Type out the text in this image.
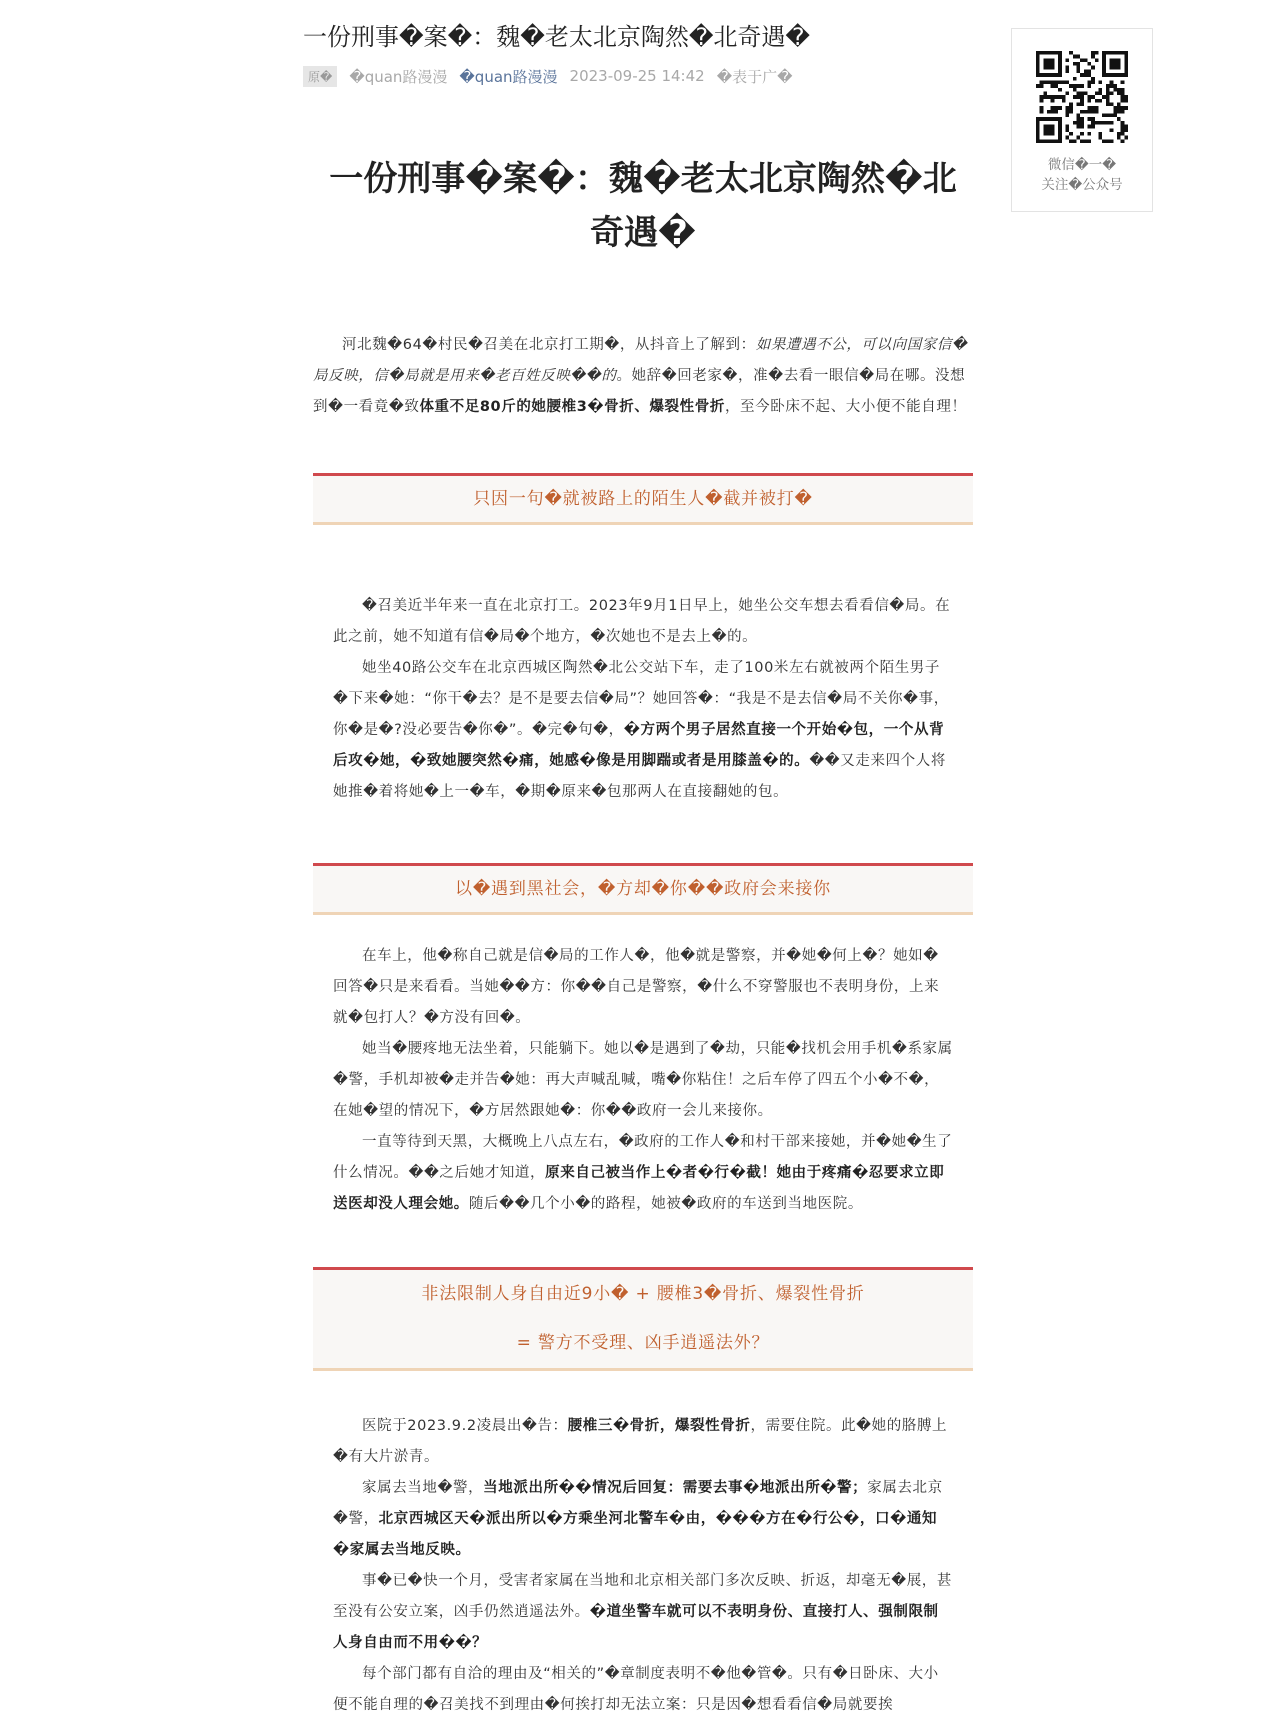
一份刑事�案�：魏�老太北京陶然�北奇遇�
原�	�quan路漫漫 �quan路漫漫 2023-09-25 14:42 �表于广�
一份刑事�案�：魏�老太北京陶然�北奇遇�

河北魏�64�村民�召美在北京打工期�，从抖音上了解到：如果遭遇不公，可以向国家信�局反映，信�局就是用来�老百姓反映��的。她辞�回老家�，准�去看一眼信�局在哪。没想到�一看竟�致体重不足80斤的她腰椎3�骨折、爆裂性骨折，至今卧床不起、大小便不能自理！

只因一句�就被路上的陌生人�截并被打�

�召美近半年来一直在北京打工。2023年9月1日早上，她坐公交车想去看看信�局。在此之前，她不知道有信�局�个地方，�次她也不是去上�的。

她坐40路公交车在北京西城区陶然�北公交站下车，走了100米左右就被两个陌生男子�下来�她：“你干�去？是不是要去信�局”？她回答�：“我是不是去信�局不关你�事，你�是�?没必要告�你�”。�完�句�，�方两个男子居然直接一个开始�包，一个从背后攻�她，�致她腰突然�痛，她感�像是用脚踹或者是用膝盖�的。��又走来四个人将她推�着将她�上一�车，�期�原来�包那两人在直接翻她的包。

以�遇到黑社会，�方却�你��政府会来接你

在车上，他�称自己就是信�局的工作人�，他�就是警察，并�她�何上�？她如�回答�只是来看看。当她��方：你��自己是警察，�什么不穿警服也不表明身份，上来就�包打人？�方没有回�。

她当�腰疼地无法坐着，只能躺下。她以�是遇到了�劫，只能�找机会用手机�系家属�警，手机却被�走并告�她：再大声喊乱喊，嘴�你粘住！之后车停了四五个小�不�，在她�望的情况下，�方居然跟她�：你��政府一会儿来接你。

一直等待到天黑，大概晚上八点左右，�政府的工作人�和村干部来接她，并�她�生了什么情况。��之后她才知道，原来自己被当作上�者�行�截！她由于疼痛�忍要求立即送医却没人理会她。随后��几个小�的路程，她被�政府的车送到当地医院。

非法限制人身自由近9小� + 腰椎3�骨折、爆裂性骨折
= 警方不受理、凶手逍遥法外？

医院于2023.9.2凌晨出�告：腰椎三�骨折，爆裂性骨折，需要住院。此�她的胳膊上�有大片淤青。

家属去当地�警，当地派出所��情况后回复：需要去事�地派出所�警；家属去北京�警，北京西城区天�派出所以�方乘坐河北警车�由，���方在�行公�，口�通知�家属去当地反映。

事�已�快一个月，受害者家属在当地和北京相关部门多次反映、折返，却毫无�展，甚至没有公安立案，凶手仍然逍遥法外。�道坐警车就可以不表明身份、直接打人、强制限制人身自由而不用��？

每个部门都有自洽的理由及“相关的”�章制度表明不�他�管�。只有�日卧床、大小便不能自理的�召美找不到理由�何挨打却无法立案：只是因�想看看信�局就要挨

微信�一�
关注�公众号
